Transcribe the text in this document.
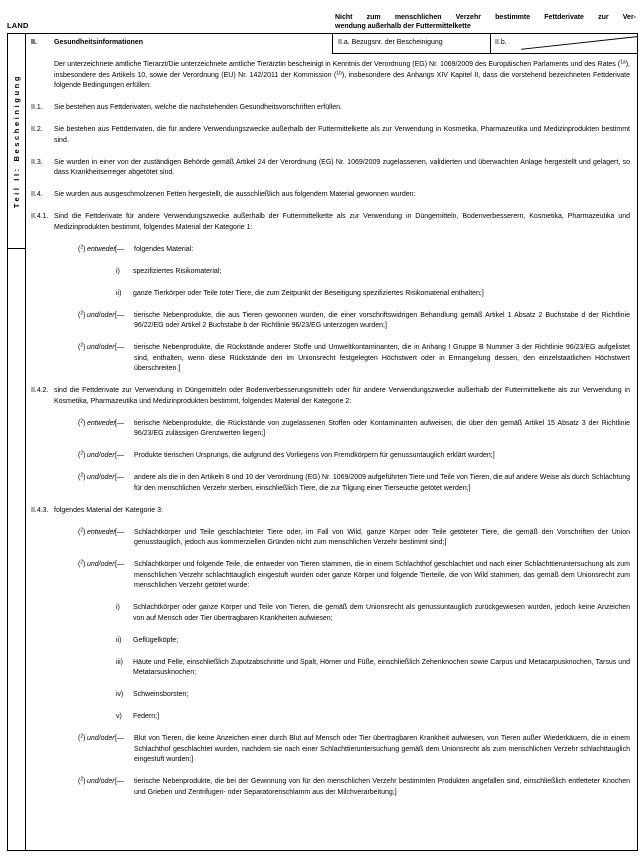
LAND
Nicht zum menschlichen Verzehr bestimmte Fettderivate zur Ver-
wendung außerhalb der Futtermittelkette
Teil II: Bescheinigung
II.	Gesundheitsinformationen	II.a. Bezugsnr. der Bescheinigung	II.b.
Der unterzeichnete amtliche Tierarzt/Die unterzeichnete amtliche Tierärztin bescheinigt in Kenntnis der Verordnung (EG) Nr. 1069/2009 des Europäischen Parlaments und des Rates ($^{1a}$), insbesondere des Artikels 10, sowie der Verordnung (EU) Nr. 142/2011 der Kommission ($^{1b}$), insbesondere des Anhangs XIV Kapitel II, dass die vorstehend bezeichneten Fettderivate folgende Bedingungen erfüllen:
II.1.	Sie bestehen aus Fettderivaten, welche die nachstehenden Gesundheitsvorschriften erfüllen.
II.2.	Sie bestehen aus Fettderivaten, die für andere Verwendungszwecke außerhalb der Futtermittelkette als zur Verwendung in Kosmetika, Pharmazeutika und Medizinprodukten bestimmt sind.
II.3.	Sie wurden in einer von der zuständigen Behörde gemäß Artikel 24 der Verordnung (EG) Nr. 1069/2009 zugelassenen, validierten und überwachten Anlage hergestellt und gelagert, so dass Krankheitserreger abgetötet sind.
II.4.	Sie wurden aus ausgeschmolzenen Fetten hergestellt, die ausschließlich aus folgendem Material gewonnen wurden:
II.4.1. Sind die Fettderivate für andere Verwendungszwecke außerhalb der Futtermittelkette als zur Verwendung in Düngemitteln, Bodenverbesserern, Kosmetika, Pharmazeutika und Medizinprodukten bestimmt, folgendes Material der Kategorie 1:
($^2$) entweder [— folgendes Material:
i) spezifiziertes Risikomaterial;
ii) ganze Tierkörper oder Teile toter Tiere, die zum Zeitpunkt der Beseitigung spezifiziertes Risikomaterial enthalten;]
($^2$) und/oder [— tierische Nebenprodukte, die aus Tieren gewonnen wurden, die einer vorschriftswidrigen Behandlung gemäß Artikel 1 Absatz 2 Buchstabe d der Richtlinie 96/22/EG oder Artikel 2 Buchstabe b der Richtlinie 96/23/EG unterzogen wurden;]
($^2$) und/oder [— tierische Nebenprodukte, die Rückstände anderer Stoffe und Umweltkontaminanten, die in Anhang I Gruppe B Nummer 3 der Richtlinie 96/23/EG aufgelistet sind, enthalten, wenn diese Rückstände den im Unionsrecht festgelegten Höchstwert oder in Ermangelung dessen, den einzelstaatlichen Höchstwert überschreiten.]
II.4.2. sind die Fettderivate zur Verwendung in Düngemitteln oder Bodenverbesserungsmitteln oder für andere Verwendungszwecke außerhalb der Futtermittelkette als zur Verwendung in Kosmetika, Pharmazeutika und Medizinprodukten bestimmt, folgendes Material der Kategorie 2:
($^2$) entweder [— tierische Nebenprodukte, die Rückstände von zugelassenen Stoffen oder Kontaminanten aufweisen, die über den gemäß Artikel 15 Absatz 3 der Richtlinie 96/23/EG zulässigen Grenzwerten liegen;]
($^2$) und/oder [— Produkte tierischen Ursprungs, die aufgrund des Vorliegens von Fremdkörpern für genussuntauglich erklärt wurden;]
($^2$) und/oder [— andere als die in den Artikeln 8 und 10 der Verordnung (EG) Nr. 1069/2009 aufgeführten Tiere und Teile von Tieren, die auf andere Weise als durch Schlachtung für den menschlichen Verzehr sterben, einschließlich Tiere, die zur Tilgung einer Tierseuche getötet werden;]
II.4.3. folgendes Material der Kategorie 3:
($^2$) entweder [— Schlachtkörper und Teile geschlachteter Tiere oder, im Fall von Wild, ganze Körper oder Teile getöteter Tiere, die gemäß den Vorschriften der Union genusstauglich, jedoch aus kommerziellen Gründen nicht zum menschlichen Verzehr bestimmt sind;]
($^2$) und/oder [— Schlachtkörper und folgende Teile, die entweder von Tieren stammen, die in einem Schlachthof geschlachtet und nach einer Schlachttieruntersuchung als zum menschlichen Verzehr schlachttauglich eingestuft wurden oder ganze Körper und folgende Tierteile, die von Wild stammen, das gemäß dem Unionsrecht zum menschlichen Verzehr getötet wurde:
i) Schlachtkörper oder ganze Körper und Teile von Tieren, die gemäß dem Unionsrecht als genussuntauglich zurückgewiesen wurden, jedoch keine Anzeichen von auf Mensch oder Tier übertragbaren Krankheiten aufwiesen;
ii) Geflügelköpfe;
iii) Häute und Felle, einschließlich Zuputzabschnitte und Spalt, Hörner und Füße, einschließlich Zehenknochen sowie Carpus und Metacarpusknochen, Tarsus und Metatarsusknochen;
iv) Schweinsborsten;
v) Federn;]
($^2$) und/oder [— Blut von Tieren, die keine Anzeichen einer durch Blut auf Mensch oder Tier übertragbaren Krankheit aufwiesen, von Tieren außer Wiederkäuern, die in einem Schlachthof geschlachtet wurden, nachdem sie nach einer Schlachttieruntersuchung gemäß dem Unionsrecht als zum menschlichen Verzehr schlachttauglich eingestuft wurden;]
($^2$) und/oder [— tierische Nebenprodukte, die bei der Gewinnung von für den menschlichen Verzehr bestimmten Produkten angefallen sind, einschließlich entfetteter Knochen und Grieben und Zentrifugen- oder Separatorenschlamm aus der Milchverarbeitung;]
